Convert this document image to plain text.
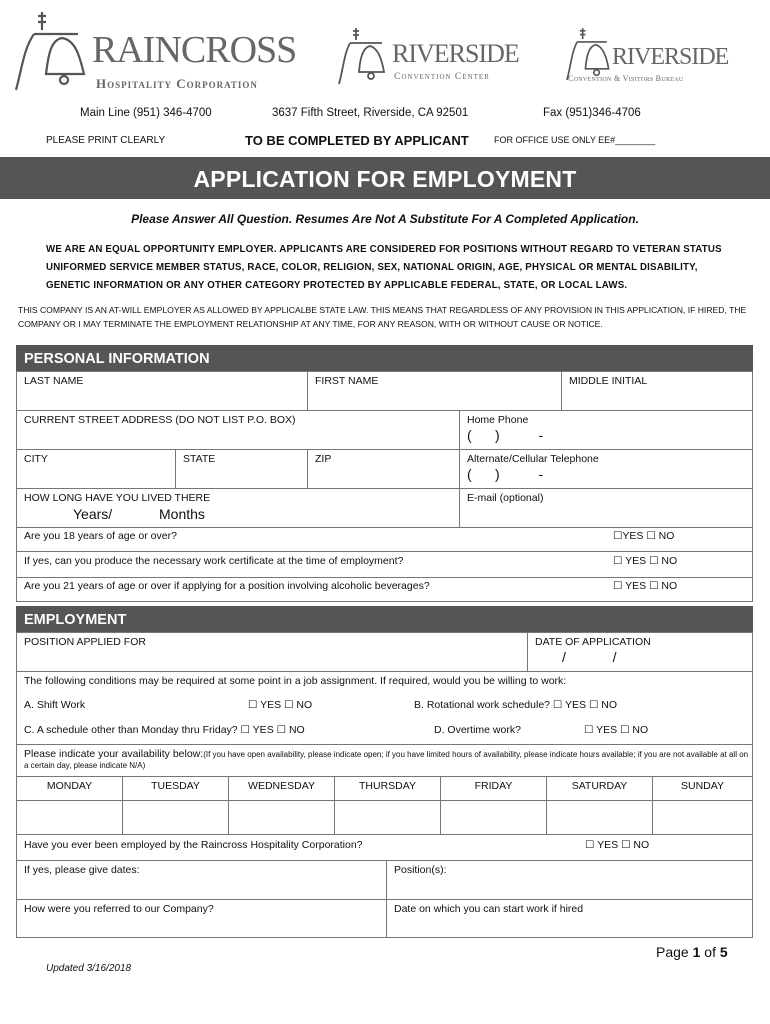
RAINCROSS
Hospitality Corporation
RIVERSIDE
Convention Center
RIVERSIDE
Convention & Visitors Bureau
Main Line (951) 346-4700	3637 Fifth Street, Riverside, CA 92501	Fax (951)346-4706
PLEASE PRINT CLEARLY	TO BE COMPLETED BY APPLICANT	FOR OFFICE USE ONLY EE#________
APPLICATION FOR EMPLOYMENT
Please Answer All Question. Resumes Are Not A Substitute For A Completed Application.
WE ARE AN EQUAL OPPORTUNITY EMPLOYER. APPLICANTS ARE CONSIDERED FOR POSITIONS WITHOUT REGARD TO VETERAN STATUS UNIFORMED SERVICE MEMBER STATUS, RACE, COLOR, RELIGION, SEX, NATIONAL ORIGIN, AGE, PHYSICAL OR MENTAL DISABILITY, GENETIC INFORMATION OR ANY OTHER CATEGORY PROTECTED BY APPLICABLE FEDERAL, STATE, OR LOCAL LAWS.
THIS COMPANY IS AN AT-WILL EMPLOYER AS ALLOWED BY APPLICALBE STATE LAW. THIS MEANS THAT REGARDLESS OF ANY PROVISION IN THIS APPLICATION, IF HIRED, THE COMPANY OR I MAY TERMINATE THE EMPLOYMENT RELATIONSHIP AT ANY TIME, FOR ANY REASON, WITH OR WITHOUT CAUSE OR NOTICE.
PERSONAL INFORMATION
LAST NAME	FIRST NAME	MIDDLE INITIAL
CURRENT STREET ADDRESS (DO NOT LIST P.O. BOX)	Home Phone
(      )          -
CITY	STATE	ZIP	Alternate/Cellular Telephone
(      )          -
HOW LONG HAVE YOU LIVED THERE
Years/	Months
E-mail (optional)
Are you 18 years of age or over?	☐YES ☐ NO
If yes, can you produce the necessary work certificate at the time of employment?	☐ YES ☐ NO
Are you 21 years of age or over if applying for a position involving alcoholic beverages?	☐ YES ☐ NO
EMPLOYMENT
POSITION APPLIED FOR	DATE OF APPLICATION
/            /
The following conditions may be required at some point in a job assignment. If required, would you be willing to work:
A. Shift Work	☐ YES ☐ NO	B. Rotational work schedule? ☐ YES ☐ NO
C. A schedule other than Monday thru Friday? ☐ YES ☐ NO	D. Overtime work?	☐ YES ☐ NO
Please indicate your availability below:(If you have open availability, please indicate open; if you have limited hours of availability, please indicate hours available; if you are not available at all on a certain day, please indicate N/A)
MONDAY	TUESDAY	WEDNESDAY	THURSDAY	FRIDAY	SATURDAY	SUNDAY
Have you ever been employed by the Raincross Hospitality Corporation?	☐ YES ☐ NO
If yes, please give dates:	Position(s):
How were you referred to our Company?	Date on which you can start work if hired
Page 1 of 5
Updated 3/16/2018
